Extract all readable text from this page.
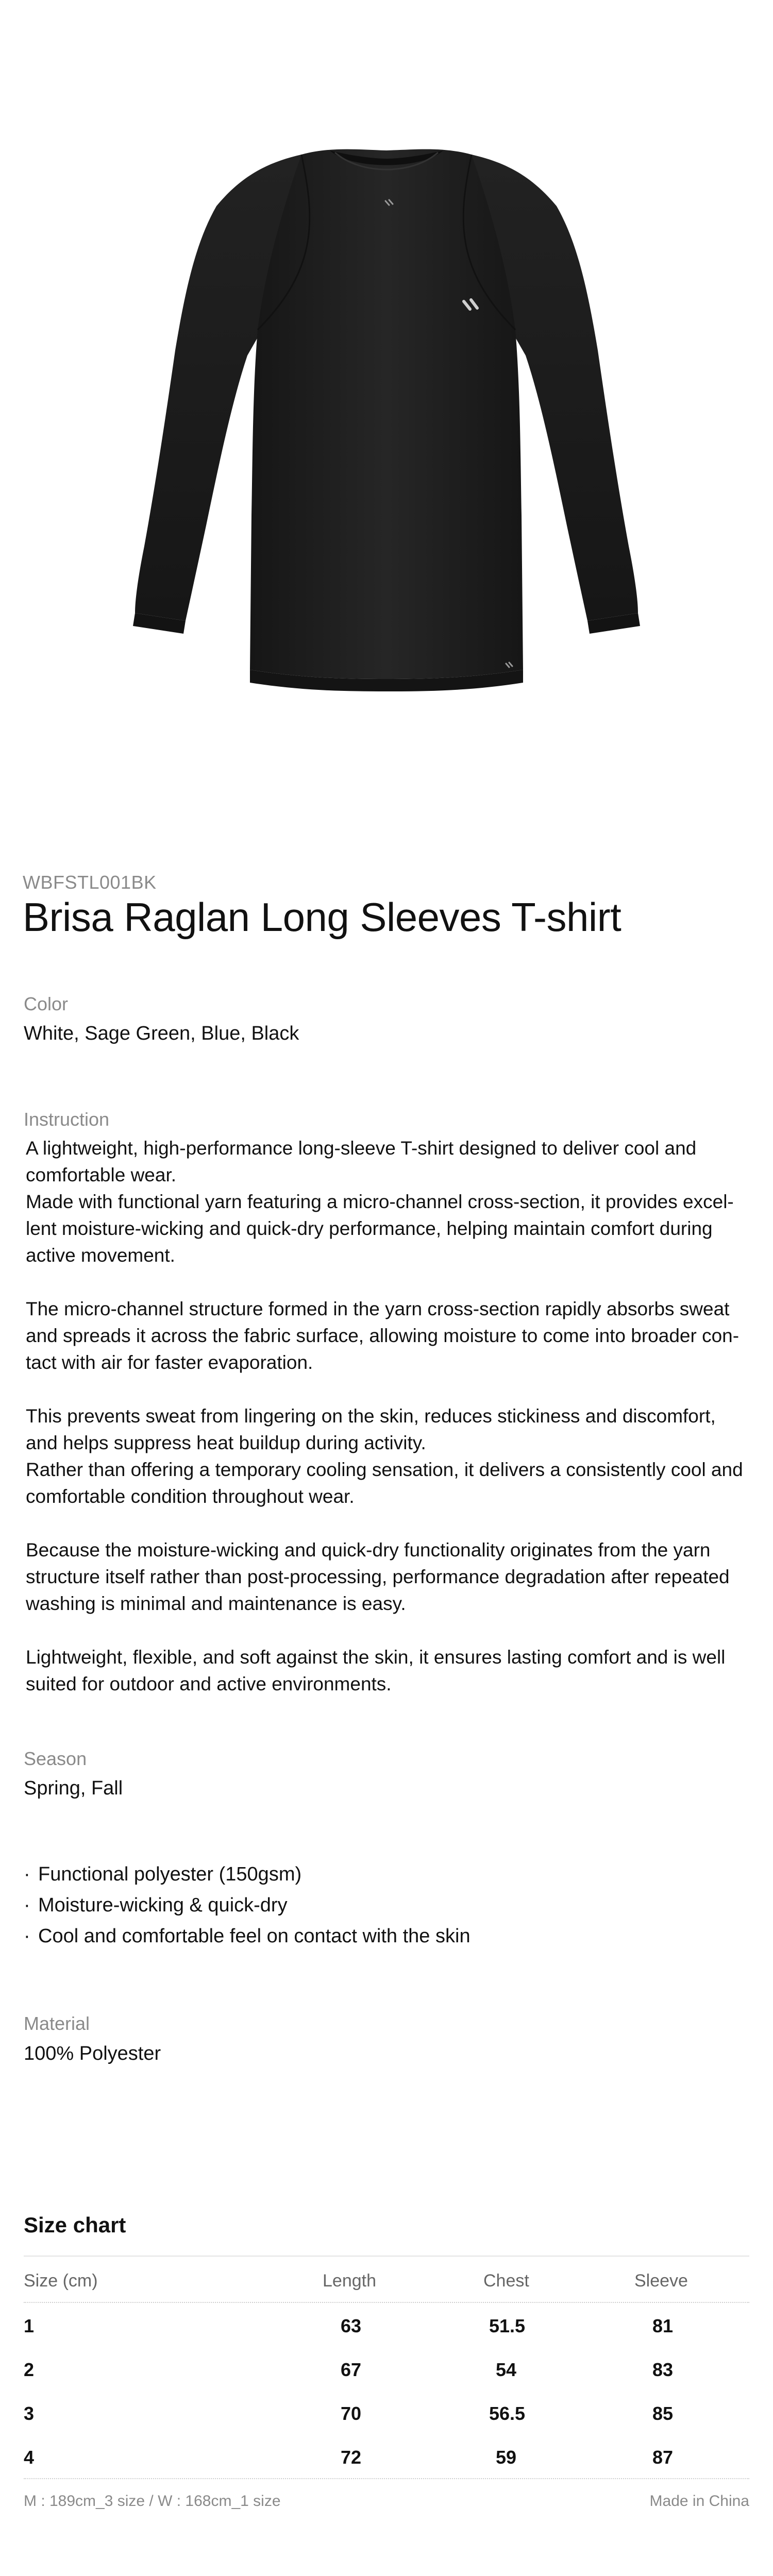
WBFSTL001BK
Brisa Raglan Long Sleeves T-shirt
Color
White, Sage Green, Blue, Black
Instruction

A lightweight, high-performance long-sleeve T-shirt designed to deliver cool and
comfortable wear.
Made with functional yarn featuring a micro-channel cross-section, it provides excel-
lent moisture-wicking and quick-dry performance, helping maintain comfort during
active movement.

The micro-channel structure formed in the yarn cross-section rapidly absorbs sweat
and spreads it across the fabric surface, allowing moisture to come into broader con-
tact with air for faster evaporation.

This prevents sweat from lingering on the skin, reduces stickiness and discomfort,
and helps suppress heat buildup during activity.
Rather than offering a temporary cooling sensation, it delivers a consistently cool and
comfortable condition throughout wear.

Because the moisture-wicking and quick-dry functionality originates from the yarn
structure itself rather than post-processing, performance degradation after repeated
washing is minimal and maintenance is easy.

Lightweight, flexible, and soft against the skin, it ensures lasting comfort and is well
suited for outdoor and active environments.

Season
Spring, Fall
· Functional polyester (150gsm)
· Moisture-wicking & quick-dry
· Cool and comfortable feel on contact with the skin
Material
100% Polyester
Size chart
Size (cm)	Length	Chest	Sleeve
1	63	51.5	81
2	67	54	83
3	70	56.5	85
4	72	59	87
M : 189cm_3 size / W : 168cm_1 size	Made in China
